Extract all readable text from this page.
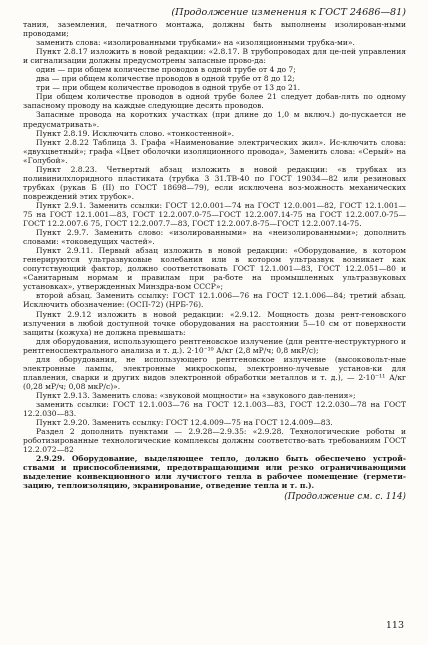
(Продолжение изменения к ГОСТ 24686—81)

тания, заземления, печатного монтажа, должны быть выполнены изолирован-ными проводами;

заменить слова: «изолированными трубками» на «изоляционными трубка-ми».

Пункт 2.8.17 изложить в новой редакции: «2.8.17. В трубопроводах для це-пей управления и сигнализации должны предусмотрены запасные прово-да:

один — при общем количестве проводов в одной трубе от 4 до 7;

два — при общем количестве проводов в одной трубе от 8 до 12;

три — при общем количестве проводов в одной трубе от 13 до 21.

При общем количестве проводов в одной трубе более 21 следует добав-лять по одному запасному проводу на каждые следующие десять проводов.

Запасные провода на коротких участках (при длине до 1,0 м включ.) до-пускается не предусматривать».

Пункт 2.8.19. Исключить слово. «тонкостенной».

Пункт 2.8.22 Таблица 3. Графа «Наименование электрических жил». Ис-ключить слова: «двухцветный»; графа «Цвет оболочки изоляционного провода», Заменить слова: «Серый» на «Голубой».

Пункт 2.8.23. Четвертый абзац изложить в новой редакции: «в трубках из поливинилхлоридного пластиката (трубка 3 31.ТВ-40 по ГОСТ 19034—82 или резиновых трубках (рукав Б (II) по ГОСТ 18698—79), если исключена воз-можность механических повреждений этих трубок».

Пункт 2.9.1. Заменить ссылки: ГОСТ 12.0.001—74 на ГОСТ 12.0.001—82, ГОСТ 12.1.001—75 на ГОСТ 12.1.001—83, ГОСТ 12.2.007.0-75—ГОСТ 12.2.007.14-75 на ГОСТ 12.2.007.0-75—ГОСТ 12.2.007.6 75, ГОСТ 12.2.007.7—83, ГОСТ 12.2.007.8-75—ГОСТ 12.2.007.14-75.

Пункт 2.9.7. Заменить слово: «изолированными» на «неизолированными»; дополнить словами: «токоведущих частей».

Пункт 2.9.11. Первый абзац изложить в новой редакции: «Оборудование, в котором генерируются ультразвуковые колебания или в котором ультразвук возникает как сопутствующий фактор, должно соответствовать ГОСТ 12.1.001—83, ГОСТ 12.2.051—80 и «Санитарным нормам и правилам при ра-боте на промышленных ультразвуковых установках», утвержденных Минздра-вом СССР»;

второй абзац. Заменить ссылку: ГОСТ 12.1.006—76 на ГОСТ 12.1.006—84; третий абзац. Исключить обозначение: (ОСП-72) (НРБ-76).

Пункт 2.9.12 изложить в новой редакции: «2.9.12. Мощность дозы рент-геновского излучения в любой доступной точке оборудования на расстоянии 5—10 см от поверхности защиты (кожуха) не должна превышать:

для оборудования, использующего рентгеновское излучение (для рентге-неструктурного и рентгеноспектрального анализа и т. д.). 2·10⁻¹⁰ А/кг (2,8 мР/ч; 0,8 мкР/с);

для оборудования, не использующего рентгеновское излучение (высоковольт-ные электронные лампы, электронные микроскопы, электронно-лучевые установ-ки для плавления, сварки и других видов электронной обработки металлов и т. д.), — 2·10⁻¹¹ А/кг (0,28 мР/ч; 0,08 мкР/с)».

Пункт 2.9.13. Заменить слова: «звуковой мощности» на «звукового дав-ления»;

заменить ссылки: ГОСТ 12.1.003—76 на ГОСТ 12.1.003—83, ГОСТ 12.2.030—78 на ГОСТ 12.2.030—83.

Пункт 2.9.20. Заменить ссылку: ГОСТ 12.4.009—75 на ГОСТ 12.4.009—83.

Раздел 2 дополнить пунктами — 2.9.28—2.9.35: «2.9.28. Технологические роботы и роботизированные технологические комплексы должны соответство-вать требованиям ГОСТ 12.2.072—82

2.9.29. Оборудование, выделяющее тепло, должно быть обеспечено устрой-ствами и приспособлениями, предотвращающими или резко ограничивающими выделение конвекционного или лучистого тепла в рабочее помещение (гермети-зацию, теплоизоляцию, экранирование, отведение тепла и т. п.).

(Продолжение см. с. 114)
113
